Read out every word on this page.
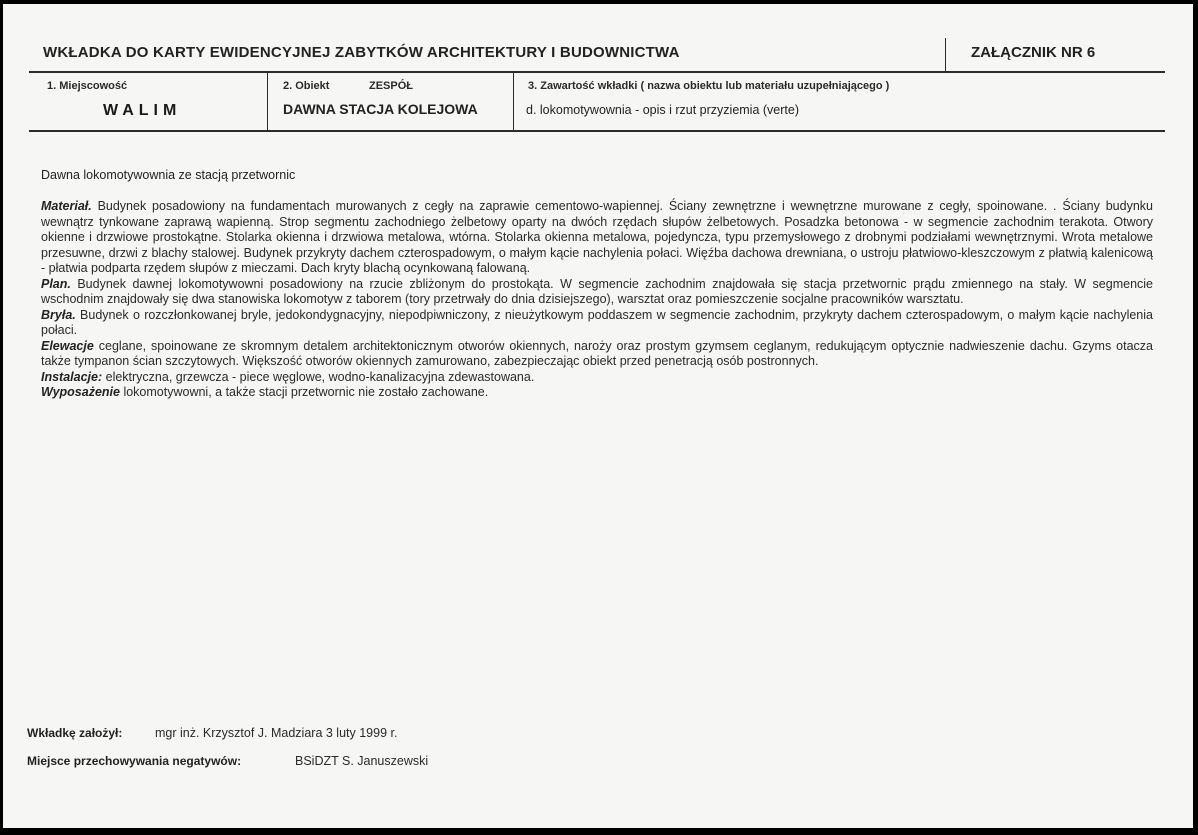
WKŁADKA DO KARTY EWIDENCYJNEJ ZABYTKÓW ARCHITEKTURY I BUDOWNICTWA	ZAŁĄCZNIK NR 6
1. Miejscowość
WALIM
2. Obiekt	ZESPÓŁ
DAWNA STACJA KOLEJOWA
3. Zawartość wkładki ( nazwa obiektu lub materiału uzupełniającego )
d. lokomotywownia - opis i rzut przyziemia (verte)
Dawna lokomotywownia ze stacją przetwornic

Materiał. Budynek posadowiony na fundamentach murowanych z cegły na zaprawie cementowo-wapiennej. Ściany zewnętrzne i wewnętrzne murowane z cegły, spoinowane. . Ściany budynku wewnątrz tynkowane zaprawą wapienną. Strop segmentu zachodniego żelbetowy oparty na dwóch rzędach słupów żelbetowych. Posadzka betonowa - w segmencie zachodnim terakota. Otwory okienne i drzwiowe prostokątne. Stolarka okienna i drzwiowa metalowa, wtórna. Stolarka okienna metalowa, pojedyncza, typu przemysłowego z drobnymi podziałami wewnętrznymi. Wrota metalowe przesuwne, drzwi z blachy stalowej. Budynek przykryty dachem czterospadowym, o małym kącie nachylenia połaci. Więźba dachowa drewniana, o ustroju płatwiowo-kleszczowym z płatwią kalenicową - płatwia podparta rzędem słupów z mieczami. Dach kryty blachą ocynkowaną falowaną.

Plan. Budynek dawnej lokomotywowni posadowiony na rzucie zbliżonym do prostokąta. W segmencie zachodnim znajdowała się stacja przetwornic prądu zmiennego na stały. W segmencie wschodnim znajdowały się dwa stanowiska lokomotyw z taborem (tory przetrwały do dnia dzisiejszego), warsztat oraz pomieszczenie socjalne pracowników warsztatu.

Bryła. Budynek o rozczłonkowanej bryle, jedokondygnacyjny, niepodpiwniczony, z nieużytkowym poddaszem w segmencie zachodnim, przykryty dachem czterospadowym, o małym kącie nachylenia połaci.

Elewacje ceglane, spoinowane ze skromnym detalem architektonicznym otworów okiennych, naroży oraz prostym gzymsem ceglanym, redukującym optycznie nadwieszenie dachu. Gzyms otacza także tympanon ścian szczytowych. Większość otworów okiennych zamurowano, zabezpieczając obiekt przed penetracją osób postronnych.

Instalacje: elektryczna, grzewcza - piece węglowe, wodno-kanalizacyjna zdewastowana.

Wyposażenie lokomotywowni, a także stacji przetwornic nie zostało zachowane.

Wkładkę założył:	mgr inż. Krzysztof J. Madziara 3 luty 1999 r.
Miejsce przechowywania negatywów:	BSiDZT S. Januszewski
